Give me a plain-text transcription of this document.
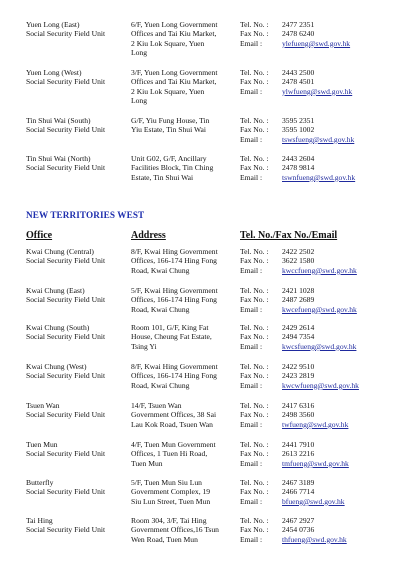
Yuen Long (East)
Social Security Field Unit
6/F, Yuen Long Government
Offices and Tai Kiu Market,
2 Kiu Lok Square, Yuen
Long
Tel. No. :
Fax No. :
Email :
2477 2351
2478 6240
ylefueng@swd.gov.hk
Yuen Long (West)
Social Security Field Unit
3/F, Yuen Long Government
Offices and Tai Kiu Market,
2 Kiu Lok Square, Yuen
Long
Tel. No. :
Fax No. :
Email :
2443 2500
2478 4501
ylwfueng@swd.gov.hk
Tin Shui Wai (South)
Social Security Field Unit
G/F, Yiu Fung House, Tin
Yiu Estate, Tin Shui Wai
Tel. No. :
Fax No. :
Email :
3595 2351
3595 1002
tswsfueng@swd.gov.hk
Tin Shui Wai (North)
Social Security Field Unit
Unit G02, G/F, Ancillary
Facilities Block, Tin Ching
Estate, Tin Shui Wai
Tel. No. :
Fax No. :
Email :
2443 2604
2478 9814
tswnfueng@swd.gov.hk
NEW TERRITORIES WEST
Office	Address	Tel. No./Fax No./Email
Kwai Chung (Central)
Social Security Field Unit
8/F, Kwai Hing Government
Offices, 166-174 Hing Fong
Road, Kwai Chung
Tel. No. :
Fax No. :
Email :
2422 2502
3622 1580
kwccfueng@swd.gov.hk
Kwai Chung (East)
Social Security Field Unit
5/F, Kwai Hing Government
Offices, 166-174 Hing Fong
Road, Kwai Chung
Tel. No. :
Fax No. :
Email :
2421 1028
2487 2689
kwcefueng@swd.gov.hk
Kwai Chung (South)
Social Security Field Unit
Room 101, G/F, King Fat
House, Cheung Fat Estate,
Tsing Yi
Tel. No. :
Fax No. :
Email :
2429 2614
2494 7354
kwcsfueng@swd.gov.hk
Kwai Chung (West)
Social Security Field Unit
8/F, Kwai Hing Government
Offices, 166-174 Hing Fong
Road, Kwai Chung
Tel. No. :
Fax No. :
Email :
2422 9510
2423 2819
kwcwfueng@swd.gov.hk
Tsuen Wan
Social Security Field Unit
14/F, Tsuen Wan
Government Offices, 38 Sai
Lau Kok Road, Tsuen Wan
Tel. No. :
Fax No. :
Email :
2417 6316
2498 3560
twfueng@swd.gov.hk
Tuen Mun
Social Security Field Unit
4/F, Tuen Mun Government
Offices, 1 Tuen Hi Road,
Tuen Mun
Tel. No. :
Fax No. :
Email :
2441 7910
2613 2216
tmfueng@swd.gov.hk
Butterfly
Social Security Field Unit
5/F, Tuen Mun Siu Lun
Government Complex, 19
Siu Lun Street, Tuen Mun
Tel. No. :
Fax No. :
Email :
2467 3189
2466 7714
bfueng@swd.gov.hk
Tai Hing
Social Security Field Unit
Room 304, 3/F, Tai Hing
Government Offices,16 Tsun
Wen Road, Tuen Mun
Tel. No. :
Fax No. :
Email :
2467 2927
2454 0736
thfueng@swd.gov.hk
